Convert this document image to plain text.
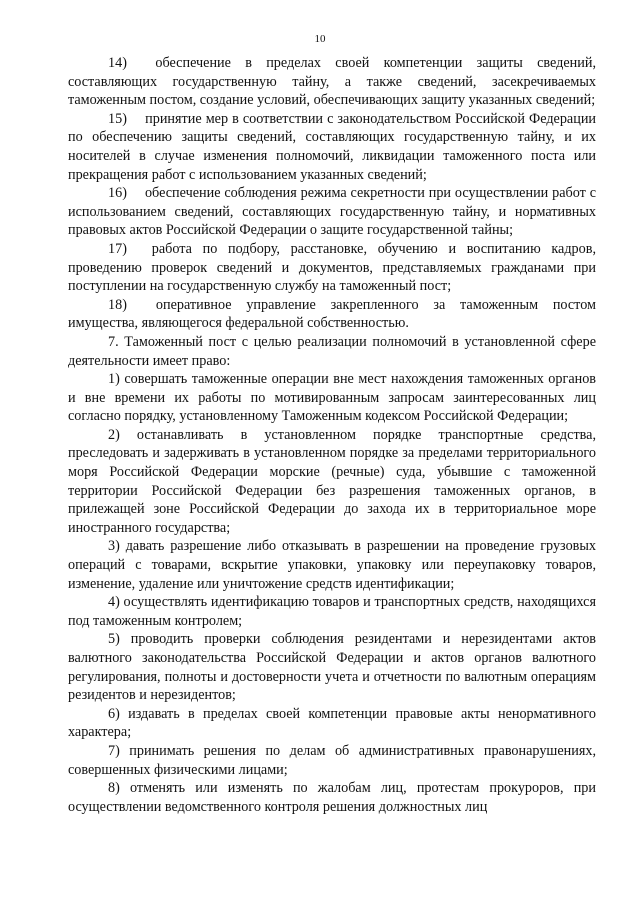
10

14)  обеспечение в пределах своей компетенции защиты сведений, составляющих государственную тайну, а также сведений, засекречиваемых таможенным постом, создание условий, обеспечивающих защиту указанных сведений;

15)  принятие мер в соответствии с законодательством Российской Федерации по обеспечению защиты сведений, составляющих государственную тайну, и их носителей в случае изменения полномочий, ликвидации таможенного поста или прекращения работ с использованием указанных сведений;

16)  обеспечение соблюдения режима секретности при осуществлении работ с использованием сведений, составляющих государственную тайну, и нормативных правовых актов Российской Федерации о защите государственной тайны;

17)  работа по подбору, расстановке, обучению и воспитанию кадров, проведению проверок сведений и документов, представляемых гражданами при поступлении на государственную службу на таможенный пост;

18)  оперативное управление закрепленного за таможенным постом имущества, являющегося федеральной собственностью.

7. Таможенный пост с целью реализации полномочий в установленной сфере деятельности имеет право:

1) совершать таможенные операции вне мест нахождения таможенных органов и вне времени их работы по мотивированным запросам заинтересованных лиц согласно порядку, установленному Таможенным кодексом Российской Федерации;

2) останавливать в установленном порядке транспортные средства, преследовать и задерживать в установленном порядке за пределами территориального моря Российской Федерации морские (речные) суда, убывшие с таможенной территории Российской Федерации без разрешения таможенных органов, в прилежащей зоне Российской Федерации до захода их в территориальное море иностранного государства;

3) давать разрешение либо отказывать в разрешении на проведение грузовых операций с товарами, вскрытие упаковки, упаковку или переупаковку товаров, изменение, удаление или уничтожение средств идентификации;

4) осуществлять идентификацию товаров и транспортных средств, находящихся под таможенным контролем;

5) проводить проверки соблюдения резидентами и нерезидентами актов валютного законодательства Российской Федерации и актов органов валютного регулирования, полноты и достоверности учета и отчетности по валютным операциям резидентов и нерезидентов;

6) издавать в пределах своей компетенции правовые акты ненормативного характера;

7) принимать решения по делам об административных правонарушениях, совершенных физическими лицами;

8) отменять или изменять по жалобам лиц, протестам прокуроров, при осуществлении ведомственного контроля решения должностных лиц
